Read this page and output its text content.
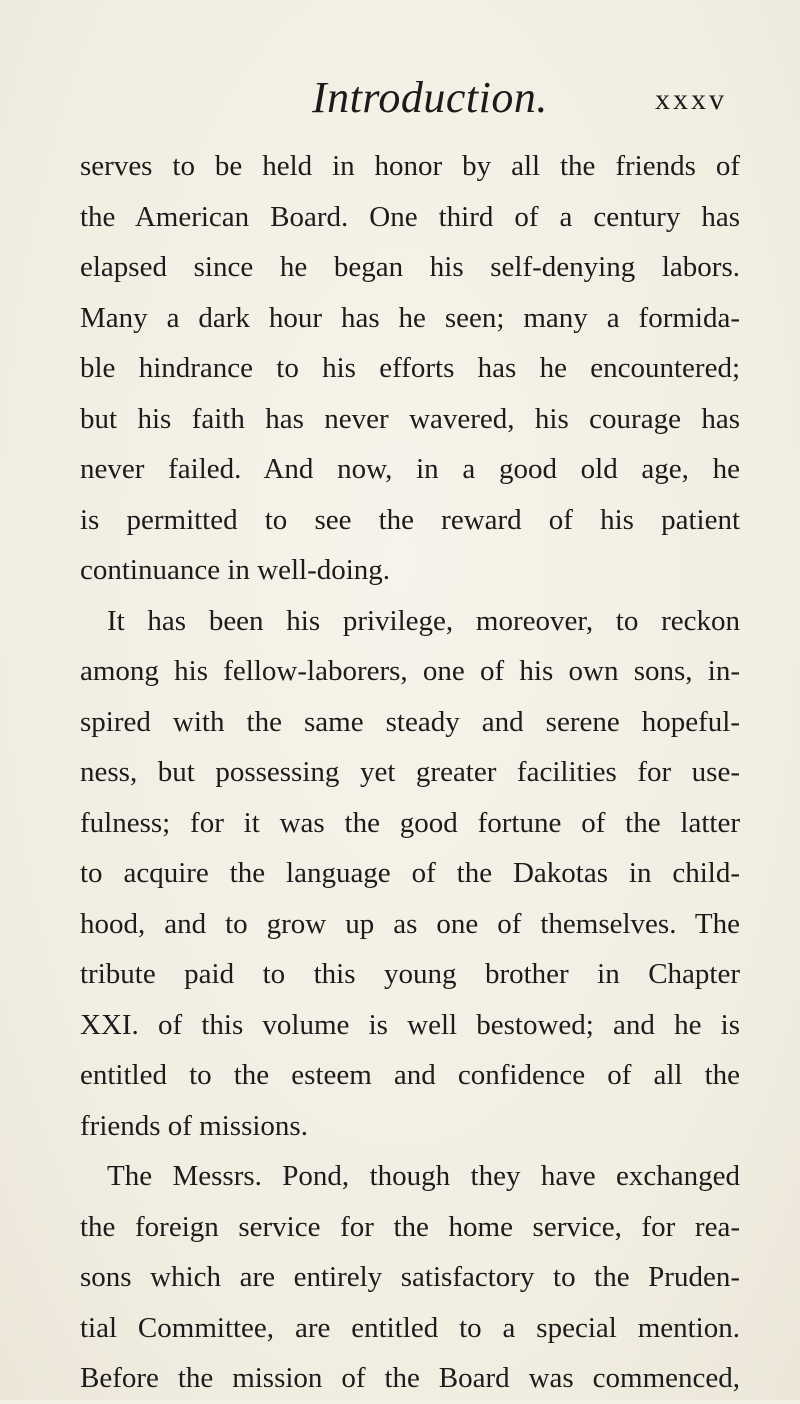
Introduction.	xxxv
serves to be held in honor by all the friends of
the American Board. One third of a century has
elapsed since he began his self-denying labors.
Many a dark hour has he seen; many a formida-
ble hindrance to his efforts has he encountered;
but his faith has never wavered, his courage has
never failed. And now, in a good old age, he
is permitted to see the reward of his patient
continuance in well-doing.
It has been his privilege, moreover, to reckon
among his fellow-laborers, one of his own sons, in-
spired with the same steady and serene hopeful-
ness, but possessing yet greater facilities for use-
fulness; for it was the good fortune of the latter
to acquire the language of the Dakotas in child-
hood, and to grow up as one of themselves. The
tribute paid to this young brother in Chapter
XXI. of this volume is well bestowed; and he is
entitled to the esteem and confidence of all the
friends of missions.
The Messrs. Pond, though they have exchanged
the foreign service for the home service, for rea-
sons which are entirely satisfactory to the Pruden-
tial Committee, are entitled to a special mention.
Before the mission of the Board was commenced,
